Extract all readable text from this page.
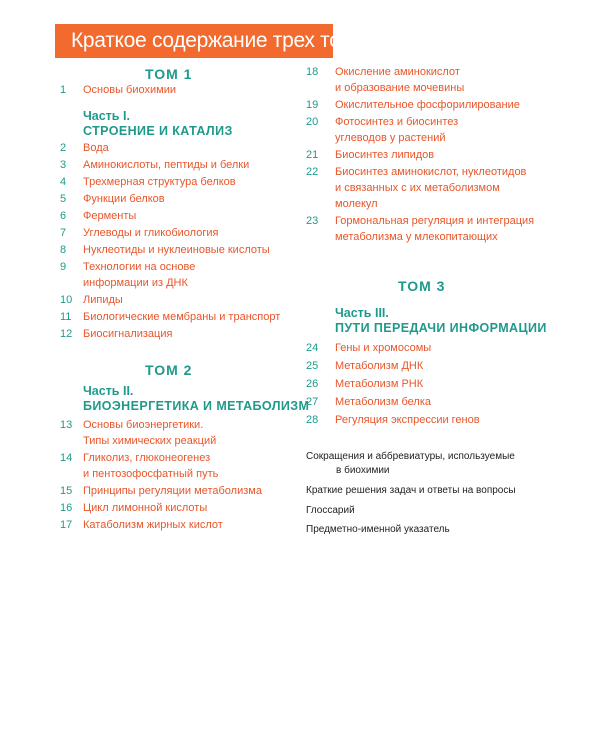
Краткое содержание трех томов
ТОМ 1
1	Основы биохимии
Часть I.
СТРОЕНИЕ И КАТАЛИЗ
2	Вода
3	Аминокислоты, пептиды и белки
4	Трехмерная структура белков
5	Функции белков
6	Ферменты
7	Углеводы и гликобиология
8	Нуклеотиды и нуклеиновые кислоты
9	Технологии на основе
информации из ДНК
10 Липиды
11	Биологические мембраны и транспорт
12 Биосигнализация
ТОМ 2
Часть II.
БИОЭНЕРГЕТИКА И МЕТАБОЛИЗМ
13 Основы биоэнергетики.
Типы химических реакций
14 Гликолиз, глюконеогенез
и пентозофосфатный путь
15 Принципы регуляции метаболизма
16 Цикл лимонной кислоты
17 Катаболизм жирных кислот
ТОМ 3
Часть III.
ПУТИ ПЕРЕДАЧИ ИНФОРМАЦИИ
24	Гены и хромосомы
25	Метаболизм ДНК
26	Метаболизм РНК
27	Метаболизм белка
28	Регуляция экспрессии генов
Сокращения и аббревиатуры, используемые
в биохимии
Краткие решения задач и ответы на вопросы
Глоссарий
Предметно-именной указатель
18	Окисление аминокислот
и образование мочевины
19	Окислительное фосфорилирование
20	Фотосинтез и биосинтез
углеводов у растений
21	Биосинтез липидов
22	Биосинтез аминокислот, нуклеотидов
и связанных с их метаболизмом
молекул
23	Гормональная регуляция и интеграция
метаболизма у млекопитающих
